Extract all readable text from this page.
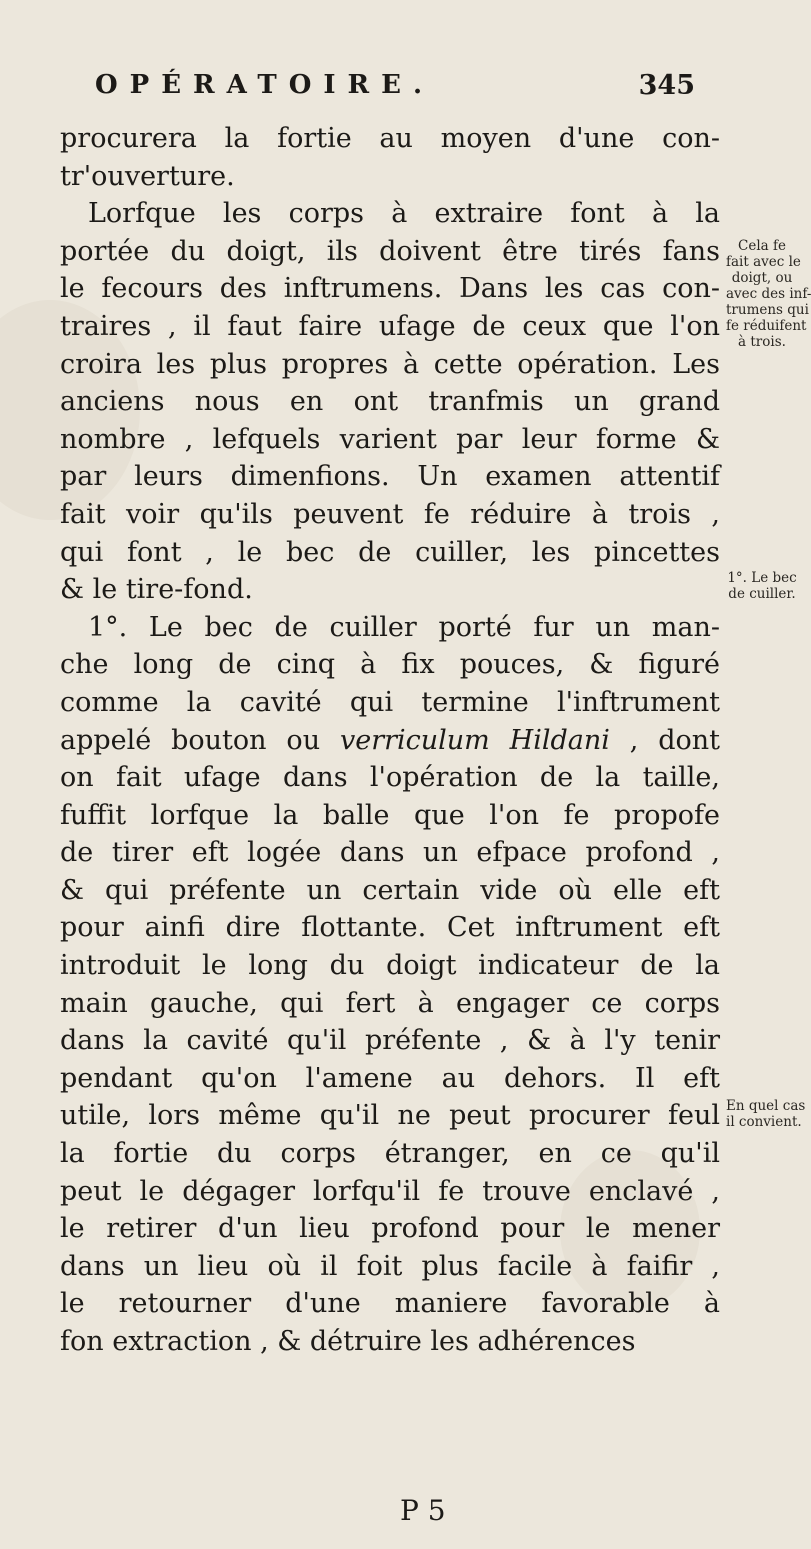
OPÉRATOIRE.	345
procurera la fortie au moyen d'une con-
tr'ouverture.
Lorfque les corps à extraire font à la
portée du doigt, ils doivent être tirés fans
le fecours des inftrumens. Dans les cas con-
traires , il faut faire ufage de ceux que l'on
croira les plus propres à cette opération. Les
anciens nous en ont tranfmis un grand
nombre , lefquels varient par leur forme &
par leurs dimenfions. Un examen attentif
fait voir qu'ils peuvent fe réduire à trois ,
qui font , le bec de cuiller, les pincettes
& le tire-fond.
1°. Le bec de cuiller porté fur un man-
che long de cinq à fix pouces, & figuré
comme la cavité qui termine l'inftrument
appelé bouton ou verriculum Hildani , dont
on fait ufage dans l'opération de la taille,
fuffit lorfque la balle que l'on fe propofe
de tirer eft logée dans un efpace profond ,
& qui préfente un certain vide où elle eft
pour ainfi dire flottante. Cet inftrument eft
introduit le long du doigt indicateur de la
main gauche, qui fert à engager ce corps
dans la cavité qu'il préfente , & à l'y tenir
pendant qu'on l'amene au dehors. Il eft
utile, lors même qu'il ne peut procurer feul
la fortie du corps étranger, en ce qu'il
peut le dégager lorfqu'il fe trouve enclavé ,
le retirer d'un lieu profond pour le mener
dans un lieu où il foit plus facile à faifir ,
le retourner d'une maniere favorable à
fon extraction , & détruire les adhérences
P 5
Cela fe
fait avec le
doigt, ou
avec des inf-
trumens qui
fe réduifent
à trois.
1°. Le bec
de cuiller.
En quel cas
il convient.
